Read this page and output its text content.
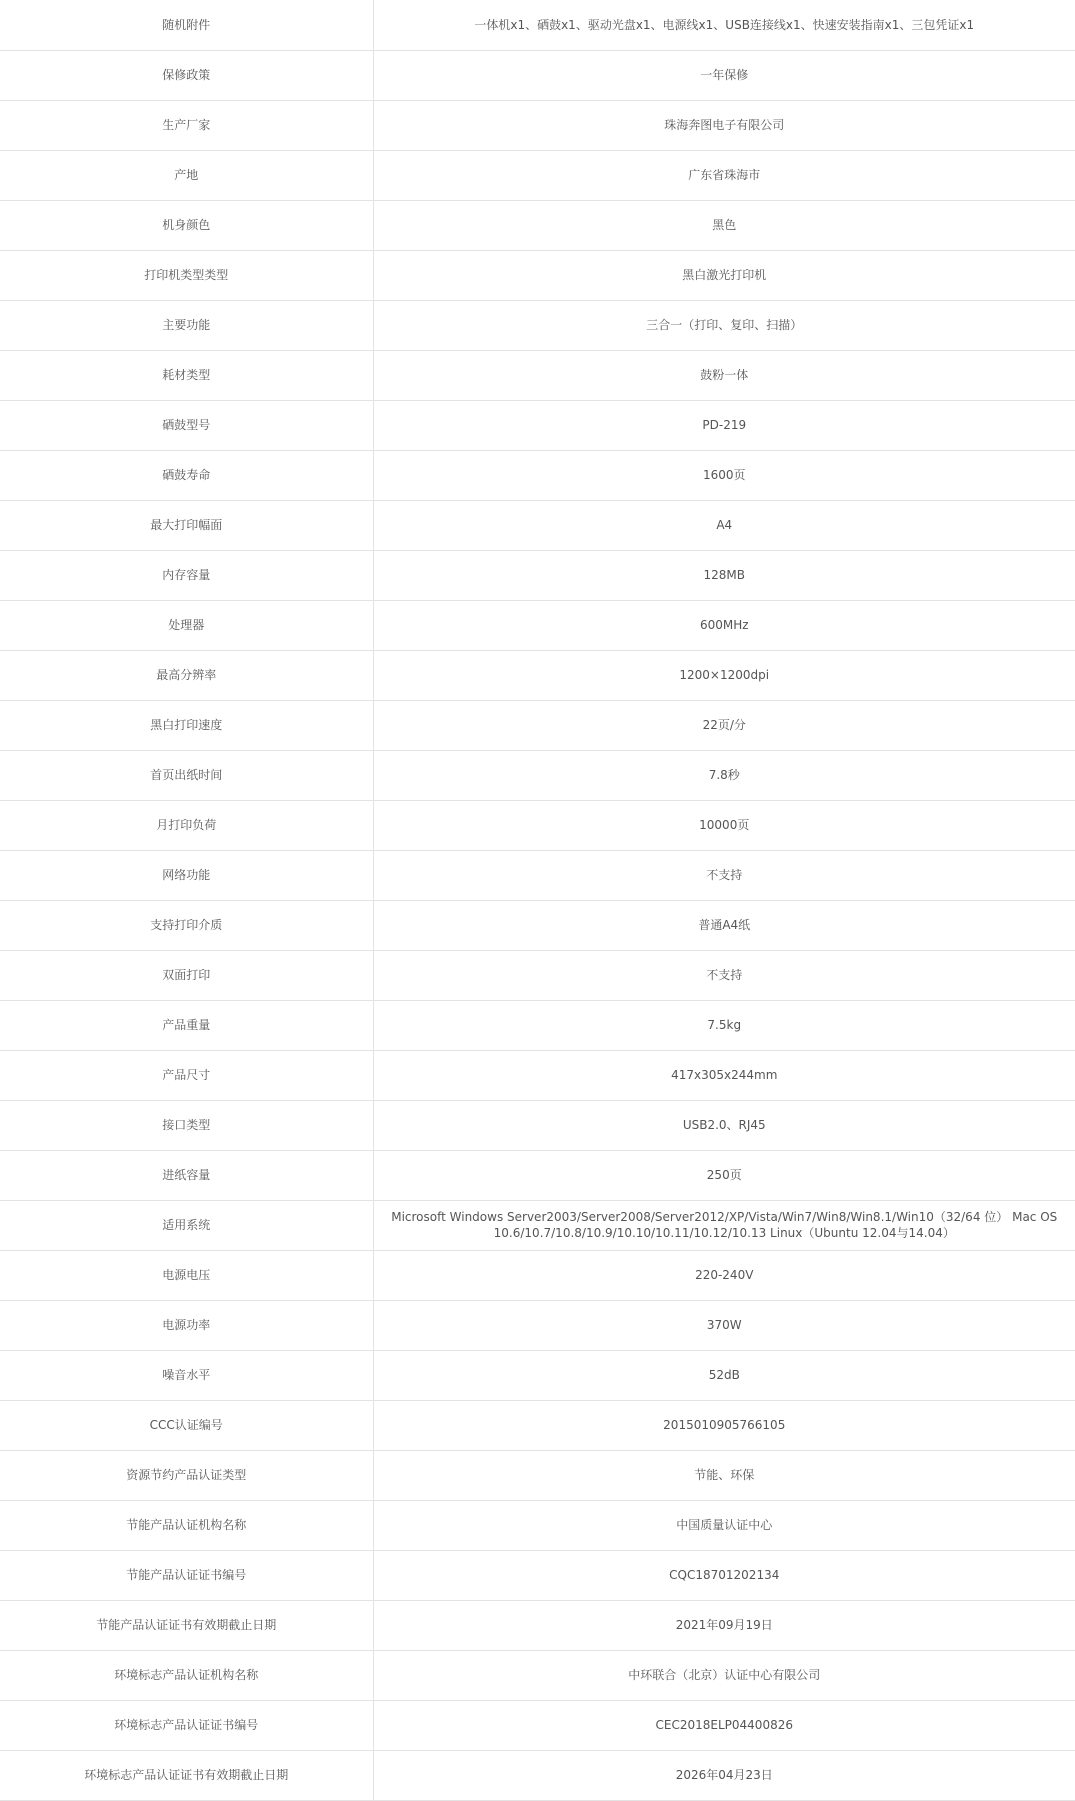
随机附件	一体机x1、硒鼓x1、驱动光盘x1、电源线x1、USB连接线x1、快速安装指南x1、三包凭证x1
保修政策	一年保修
生产厂家	珠海奔图电子有限公司
产地	广东省珠海市
机身颜色	黑色
打印机类型类型	黑白激光打印机
主要功能	三合一（打印、复印、扫描）
耗材类型	鼓粉一体
硒鼓型号	PD-219
硒鼓寿命	1600页
最大打印幅面	A4
内存容量	128MB
处理器	600MHz
最高分辨率	1200×1200dpi
黑白打印速度	22页/分
首页出纸时间	7.8秒
月打印负荷	10000页
网络功能	不支持
支持打印介质	普通A4纸
双面打印	不支持
产品重量	7.5kg
产品尺寸	417x305x244mm
接口类型	USB2.0、RJ45
进纸容量	250页
适用系统	Microsoft Windows Server2003/Server2008/Server2012/XP/Vista/Win7/Win8/Win8.1/Win10（32/64 位） Mac OS 10.6/10.7/10.8/10.9/10.10/10.11/10.12/10.13 Linux（Ubuntu 12.04与14.04）
电源电压	220-240V
电源功率	370W
噪音水平	52dB
CCC认证编号	2015010905766105
资源节约产品认证类型	节能、环保
节能产品认证机构名称	中国质量认证中心
节能产品认证证书编号	CQC18701202134
节能产品认证证书有效期截止日期	2021年09月19日
环境标志产品认证机构名称	中环联合（北京）认证中心有限公司
环境标志产品认证证书编号	CEC2018ELP04400826
环境标志产品认证证书有效期截止日期	2026年04月23日
